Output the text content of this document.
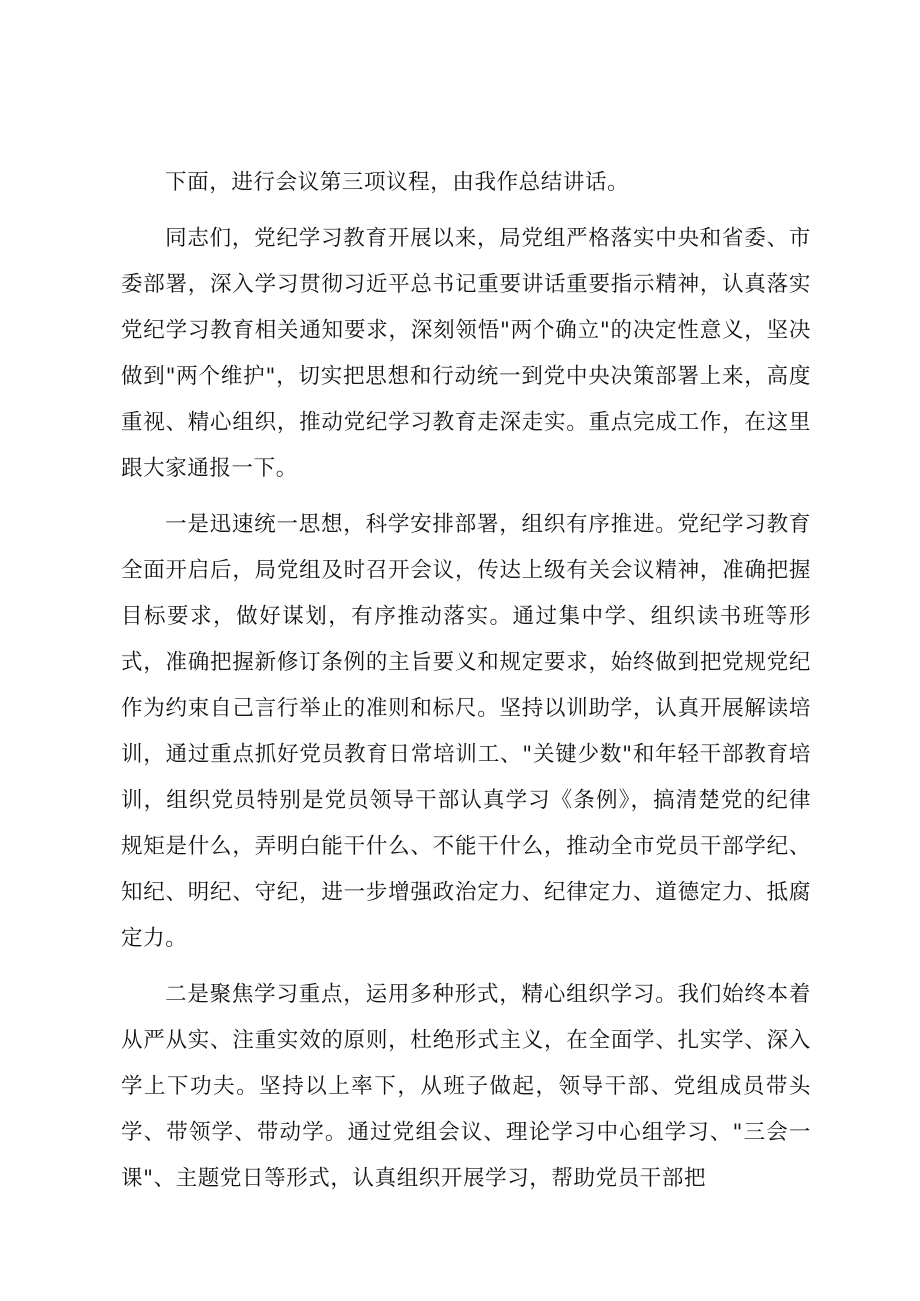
下面，进行会议第三项议程，由我作总结讲话。

同志们，党纪学习教育开展以来，局党组严格落实中央和省委、市委部署，深入学习贯彻习近平总书记重要讲话重要指示精神，认真落实党纪学习教育相关通知要求，深刻领悟"两个确立"的决定性意义，坚决做到"两个维护"，切实把思想和行动统一到党中央决策部署上来，高度重视、精心组织，推动党纪学习教育走深走实。重点完成工作，在这里跟大家通报一下。

一是迅速统一思想，科学安排部署，组织有序推进。党纪学习教育全面开启后，局党组及时召开会议，传达上级有关会议精神，准确把握目标要求，做好谋划，有序推动落实。通过集中学、组织读书班等形式，准确把握新修订条例的主旨要义和规定要求，始终做到把党规党纪作为约束自己言行举止的准则和标尺。坚持以训助学，认真开展解读培训，通过重点抓好党员教育日常培训工、"关键少数"和年轻干部教育培训，组织党员特别是党员领导干部认真学习《条例》，搞清楚党的纪律规矩是什么，弄明白能干什么、不能干什么，推动全市党员干部学纪、知纪、明纪、守纪，进一步增强政治定力、纪律定力、道德定力、抵腐定力。

二是聚焦学习重点，运用多种形式，精心组织学习。我们始终本着从严从实、注重实效的原则，杜绝形式主义，在全面学、扎实学、深入学上下功夫。坚持以上率下，从班子做起，领导干部、党组成员带头学、带领学、带动学。通过党组会议、理论学习中心组学习、"三会一课"、主题党日等形式，认真组织开展学习，帮助党员干部把
